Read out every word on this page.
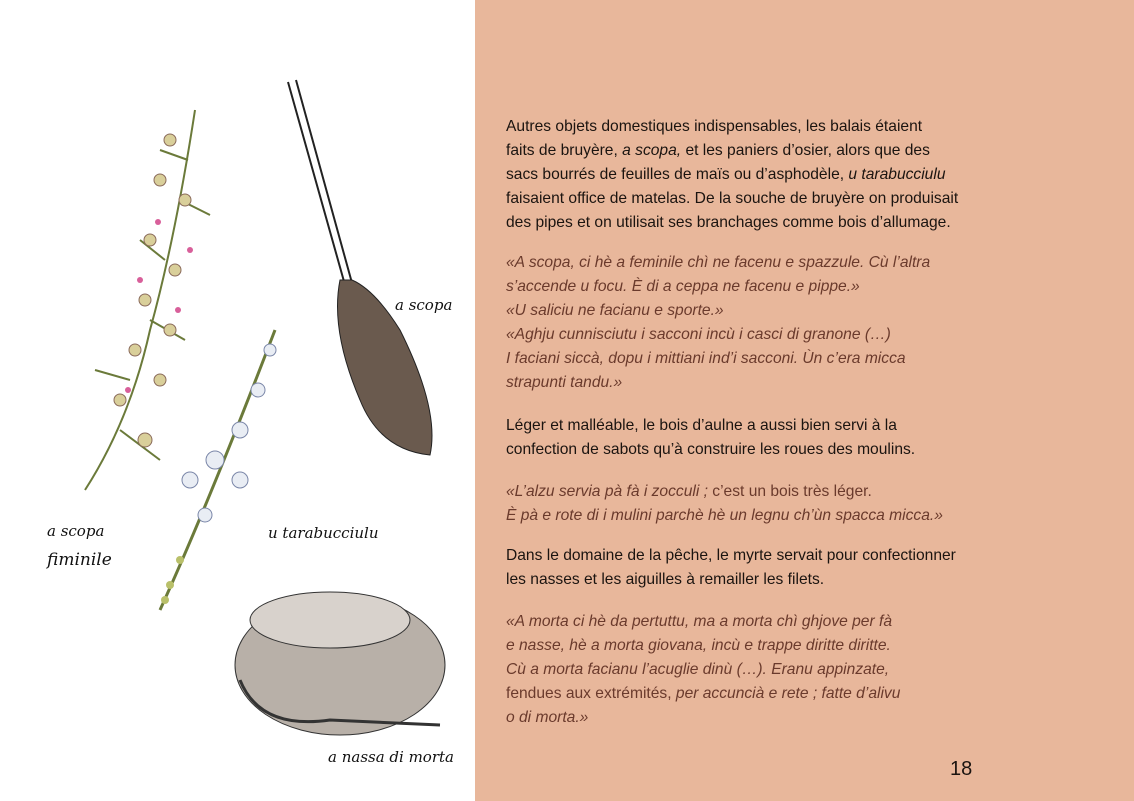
a scopa
a scopa
fiminile
u tarabucciulu
a nassa di morta
Autres objets domestiques indispensables, les balais étaient
faits de bruyère, a scopa, et les paniers d’osier, alors que des
sacs bourrés de feuilles de maïs ou d’asphodèle, u tarabucciulu
faisaient office de matelas. De la souche de bruyère on produisait
des pipes et on utilisait ses branchages comme bois d’allumage.
«A scopa, ci hè a feminile chì ne facenu e spazzule. Cù l’altra
s’accende u focu. È di a ceppa ne facenu e pippe.»
«U saliciu ne facianu e sporte.»
«Aghju cunnisciutu i sacconi incù i casci di granone (…)
I faciani siccà, dopu i mittiani ind’i sacconi. Ùn c’era micca
strapunti tandu.»
Léger et malléable, le bois d’aulne a aussi bien servi à la
confection de sabots qu’à construire les roues des moulins.
«L’alzu servia pà fà i zocculi ; c’est un bois très léger.
È pà e rote di i mulini parchè hè un legnu ch’ùn spacca micca.»
Dans le domaine de la pêche, le myrte servait pour confectionner
les nasses et les aiguilles à remailler les filets.
«A morta ci hè da pertuttu, ma a morta chì ghjove per fà
e nasse, hè a morta giovana, incù e trappe diritte diritte.
Cù a morta facianu l’acuglie dinù (…). Eranu appinzate,
fendues aux extrémités, per accuncià e rete ; fatte d’alivu
o di morta.»
18
